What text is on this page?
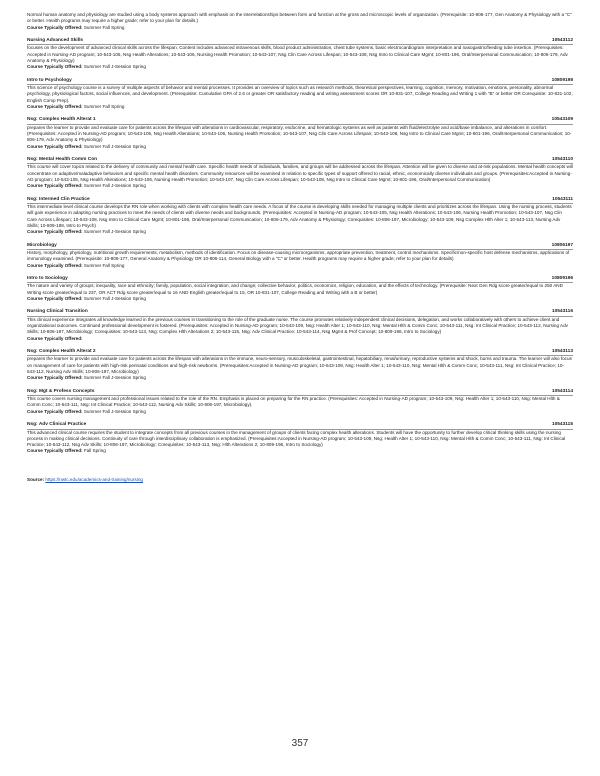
Normal human anatomy and physiology are studied using a body systems approach with emphasis on the interrelationships between form and function at the gross and microscopic levels of organization. (Prerequisite: 10-806-177, Gen Anatomy & Physiology with a "C" or better. Health programs may require a higher grade; refer to your plan for details.)

Course Typically Offered: Summer Fall Spring
Nursing Advanced Skills	10543112

focuses on the development of advanced clinical skills across the lifespan. Content includes advanced intravenous skills, blood product administration, chest tube systems, basic electrocardiogram interpretation and nasogastric/feeding tube insertion. (Prerequisites: Accepted in Nursing-AD program; 10-543-105, Nsg Health Alterations; 10-543-106, Nursing Health Promotion; 10-543-107, Nsg Clin Care Across Lifespan; 10-543-108, Nsg Intro to Clinical Care Mgmt; 10-801-196, Oral/Interpersonal Communication; 10-806-179, Adv Anatomy & Physiology)

Course Typically Offered: Summer Fall J-Session Spring
Intro to Psychology	10809198

This science of psychology course is a survey of multiple aspects of behavior and mental processes. It provides an overview of topics such as research methods, theoretical perspectives, learning, cognition, memory, motivation, emotions, personality, abnormal psychology, physiological factors, social influences, and development. (Prerequisite: Cumulative GPA of 2.6 or greater OR satisfactory reading and writing assessment scores OR 10-831-107, College Reading and Writing 1 with "B" or better OR Corequisite: 10-831-102, English Comp Prep).

Course Typically Offered: Summer Fall Spring
Nsg: Complex Health Alterat 1	10543109

prepares the learner to provide and evaluate care for patients across the lifespan with alterations in cardiovascular, respiratory, endocrine, and hematologic systems as well as patients with fluid/electrolyte and acid/base imbalance, and alterations in comfort. (Prerequisites: Accepted in Nursing-AD program; 10-543-105, Nsg Health Alterations; 10-543-106, Nursing Health Promotion; 10-543-107, Nsg Clin Care Across Lifespan; 10-543-108, Nsg Intro to Clinical Care Mgmt; 10-801-196, Oral/Interpersonal Communication; 10-806-179, Adv Anatomy & Physiology)

Course Typically Offered: Summer Fall J-Session Spring
Nsg: Mental Health Comm Con	10543110

This course will cover topics related to the delivery of community and mental health care. Specific health needs of individuals, families, and groups will be addressed across the lifespan. Attention will be given to diverse and at-risk populations. Mental health concepts will concentrate on adaptive/maladaptive behaviors and specific mental health disorders. Community resources will be examined in relation to specific types of support offered to racial, ethnic, economically diverse individuals and groups. (Prerequisites:Accepted in Nursing-AD program; 10-543-105, Nsg Health Alterations; 10-543-106, Nursing Health Promotion; 10-543-107, Nsg Clin Care Across Lifespan; 10-543-108, Nsg Intro to Clinical Care Mgmt; 10-801-196, Oral/Interpersonal Communication)

Course Typically Offered: Summer Fall J-Session Spring
Nsg: Intermed Clin Practice	10543111

This intermediate level clinical course develops the RN role when working with clients with complex health care needs. A focus of the course is developing skills needed for managing multiple clients and prioritizes across the lifespan. Using the nursing process, students will gain experience in adapting nursing practices to meet the needs of clients with diverse needs and backgrounds. (Prerequisites: Accepted in Nursing-AD program; 10-543-105, Nsg Health Alterations; 10-543-106, Nursing Health Promotion; 10-543-107, Nsg Clin Care Across Lifespan; 10-543-108, Nsg Intro to Clinical Care Mgmt; 10-801-196, Oral/Interpersonal Communication; 10-806-179, Adv Anatomy & Physiology; Corequisites: 10-806-197, Microbiology; 10-543-109, Nsg Complex Hlth Alter 1; 10-543-113, Nursing Adv Skills; 10-809-198, Intro to Psych)

Course Typically Offered: Summer Fall J-Session Spring
Microbiology	10806197

History, morphology, physiology, nutritional growth requirements, metabolism, methods of identification. Focus on disease-causing microorganisms, appropriate prevention, treatment, control mechanisms. Specific/non-specific host defense mechanisms, applications of immunology examined. (Prerequisite: 10-806-177, General Anatomy & Physiology OR 10-806-114, General Biology with a "C" or better. Health programs may require a higher grade; refer to your plan for details)

Course Typically Offered: Summer Fall Spring
Intro to Sociology	10809196

The nature and variety of groups; inequality, race and ethnicity; family, population, social integration, and change; collective behavior, politics, economics, religion, education, and the effects of technology. (Prerequisite: Next Gen Rdg score greater/equal to 250 AND Writing score greater/equal to 237, OR ACT Rdg score greater/equal to 16 AND English greater/equal to 15, OR 10-831-107, College Reading and Writing with a B or better)

Course Typically Offered: Summer Fall J-Session Spring
Nursing Clinical Transition	10543116

This clinical experience integrates all knowledge learned in the previous courses in transitioning to the role of the graduate nurse. The course promotes relatively independent clinical decisions, delegation, and works collaboratively with others to achieve client and organizational outcomes. Continued professional development is fostered. (Prerequisites: Accepted in Nursing-AD program; 10-543-109, Nsg: Health Alter 1; 10-543-110, Nsg: Mental Hlth & Comm Conc; 10-543-111, Nsg: Int Clinical Practice; 10-543-112, Nursing Adv Skills; 10-806-197, Microbiology; Corequisites: 10-543-113, Nsg: Complex Hlth Alterations 2; 10-543-115, Nsg: Adv Clinical Practice; 10-543-114, Nsg Mgmt & Prof Concept; 10-809-196, Intro to Sociology)

Course Typically Offered:
Nsg: Complex Health Alterat 2	10543113

prepares the learner to provide and evaluate care for patients across the lifespan with alterations in the immune, neuro-sensory, musculoskeletal, gastrointestinal, hepatobiliary, renal/urinary, reproductive systems and shock, burns and trauma. The learner will also focus on management of care for patients with high-risk perinatal conditions and high-risk newborns. (Prerequisites:Accepted in Nursing-AD program; 10-543-109, Nsg: Health Alter 1; 10-543-110, Nsg: Mental Hlth & Comm Conc; 10-543-111, Nsg: Int Clinical Practice; 10-543-112, Nursing Adv Skills; 10-806-197, Microbiology)

Course Typically Offered: Summer Fall J-Session Spring
Nsg: Mgt & Profess Concepts	10543114

This course covers nursing management and professional issues related to the role of the RN. Emphasis is placed on preparing for the RN practice. (Prerequisites: Accepted in Nursing-AD program; 10-543-109, Nsg: Health Alter 1; 10-543-110, Nsg: Mental Hlth & Comm Conc; 10-543-111, Nsg: Int Clinical Practice; 10-543-112, Nursing Adv Skills; 10-806-197, Microbiology).

Course Typically Offered: Summer Fall J-Session Spring
Nsg: Adv Clinical Practice	10543115

This advanced clinical course requires the student to integrate concepts from all previous courses in the management of groups of clients facing complex health alterations. Students will have the opportunity to further develop critical thinking skills using the nursing process in making clinical decisions. Continuity of care through interdisciplinary collaboration is emphasized. (Prerequisites:Accepted in Nursing-AD program; 10-543-109, Nsg: Health Alter 1; 10-543-110, Nsg: Mental Hlth & Comm Conc; 10-543-111, Nsg: Int Clinical Practice; 10-543-112, Nsg Adv Skills; 10-806-197, Microbiology; Corequisites: 10-543-113, Nsg: Hlth Alterations 2; 10-809-196, Intro to Sociology)

Course Typically Offered: Fall Spring
Source: https://nwtc.edu/academics-and-training/nursing
357
